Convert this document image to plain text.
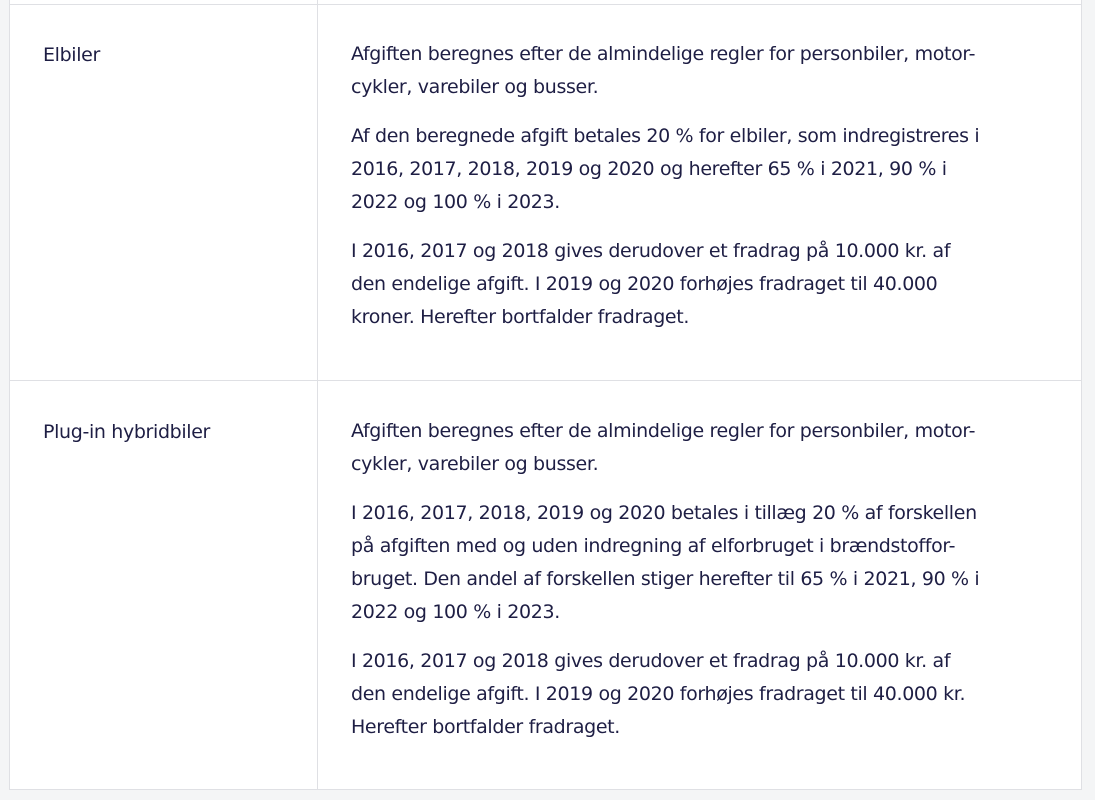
Elbiler	Afgiften beregnes efter de almindelige regler for personbiler, motor-
cykler, varebiler og busser.

Af den beregnede afgift betales 20 % for elbiler, som indregistreres i
2016, 2017, 2018, 2019 og 2020 og herefter 65 % i 2021, 90 % i
2022 og 100 % i 2023.

I 2016, 2017 og 2018 gives derudover et fradrag på 10.000 kr. af
den endelige afgift. I 2019 og 2020 forhøjes fradraget til 40.000
kroner. Herefter bortfalder fradraget.

Plug-in hybridbiler	Afgiften beregnes efter de almindelige regler for personbiler, motor-
cykler, varebiler og busser.

I 2016, 2017, 2018, 2019 og 2020 betales i tillæg 20 % af forskellen
på afgiften med og uden indregning af elforbruget i brændstoffor-
bruget. Den andel af forskellen stiger herefter til 65 % i 2021, 90 % i
2022 og 100 % i 2023.

I 2016, 2017 og 2018 gives derudover et fradrag på 10.000 kr. af
den endelige afgift. I 2019 og 2020 forhøjes fradraget til 40.000 kr.
Herefter bortfalder fradraget.
